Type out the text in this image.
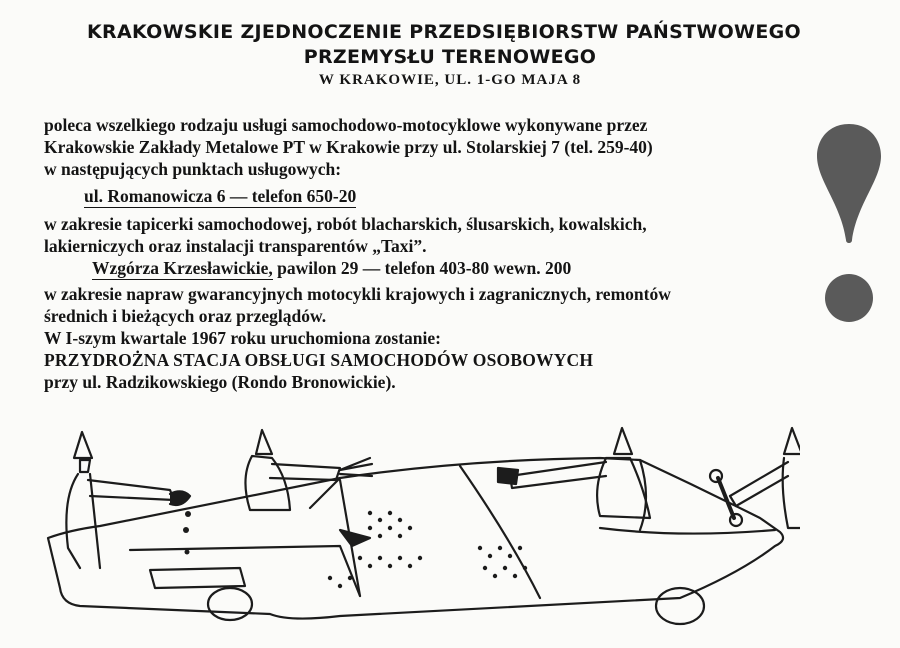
KRAKOWSKIE ZJEDNOCZENIE PRZEDSIĘBIORSTW PAŃSTWOWEGO

PRZEMYSŁU TERENOWEGO

W KRAKOWIE, UL. 1-GO MAJA 8
poleca wszelkiego rodzaju usługi samochodowo-motocyklowe wykonywane przez
Krakowskie Zakłady Metalowe PT w Krakowie przy ul. Stolarskiej 7 (tel. 259-40)
w następujących punktach usługowych:
ul. Romanowicza 6 — telefon 650-20
w zakresie tapicerki samochodowej, robót blacharskich, ślusarskich, kowalskich,
lakierniczych oraz instalacji transparentów „Taxi”.
Wzgórza Krzesławickie, pawilon 29 — telefon 403-80 wewn. 200
w zakresie napraw gwarancyjnych motocykli krajowych i zagranicznych, remontów
średnich i bieżących oraz przeglądów.
W I-szym kwartale 1967 roku uruchomiona zostanie:
PRZYDROŻNA STACJA OBSŁUGI SAMOCHODÓW OSOBOWYCH
przy ul. Radzikowskiego (Rondo Bronowickie).
